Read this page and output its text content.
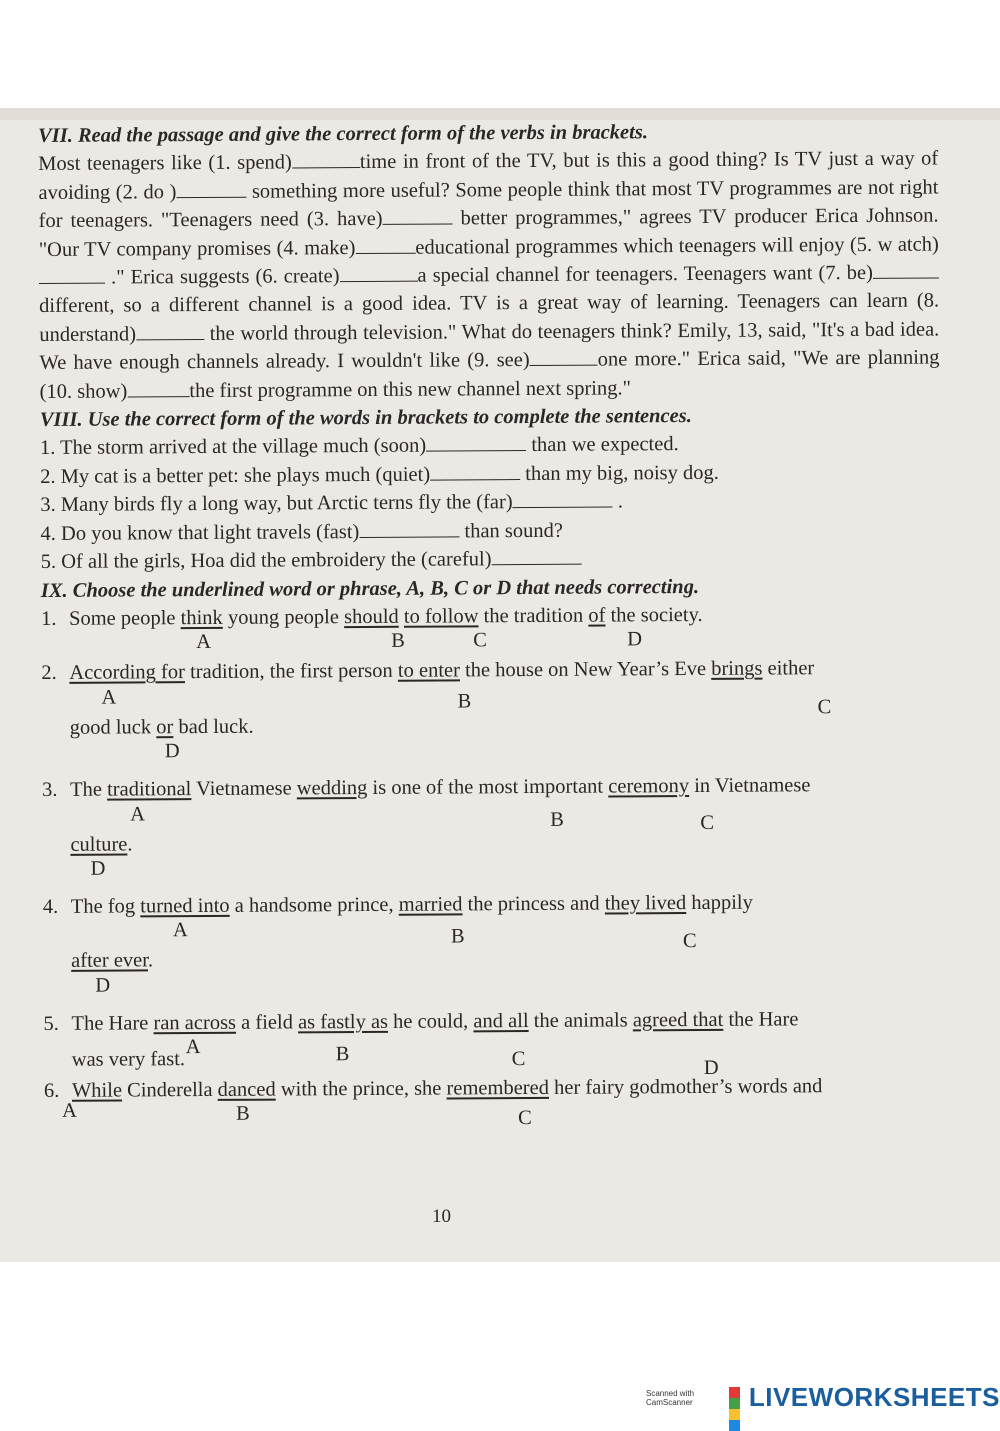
VII. Read the passage and give the correct form of the verbs in brackets.

Most teenagers like (1. spend)	time in front of the TV, but is this a good thing? Is TV just a way of avoiding (2. do )	something more useful? Some people think that most TV programmes are not right for teenagers. "Teenagers need (3. have)	better programmes," agrees TV producer Erica Johnson. "Our TV company promises (4. make)	educational programmes which teenagers will enjoy (5. w atch) ." Erica suggests (6. create)	a special channel for teenagers. Teenagers want (7. be)different, so a different channel is a good idea. TV is a great way of learning. Teenagers can learn (8. understand)	the world through television." What do teenagers think? Emily, 13, said, "It's a bad idea. We have enough channels already. I wouldn't like (9. see)	one more." Erica said, "We are planning (10. show)	the first programme on this new channel next spring."

VIII. Use the correct form of the words in brackets to complete the sentences.
1. The storm arrived at the village much (soon)	than we expected.
2. My cat is a better pet: she plays much (quiet)	than my big, noisy dog.
3. Many birds fly a long way, but Arctic terns fly the (far)	.
4. Do you know that light travels (fast)	than sound?
5. Of all the girls, Hoa did the embroidery the (careful)
IX. Choose the underlined word or phrase, A, B, C or D that needs correcting.
1. Some people think young people should to follow the tradition of the society.
A	B	C	D
2. According for tradition, the first person to enter the house on New Year’s Eve brings either
A	B	C
good luck or bad luck.
D
3. The traditional Vietnamese wedding is one of the most important ceremony in Vietnamese
A	B	C
culture.
D
4. The fog turned into a handsome prince, married the princess and they lived happily
A	B	C
after ever.
D
5. The Hare ran across a field as fastly as he could, and all the animals agreed that the Hare
A	B	C	D
was very fast.
6. While Cinderella danced with the prince, she remembered her fairy godmother’s words and
A	B	C
10
Scanned with CamScanner	LIVEWORKSHEETS
